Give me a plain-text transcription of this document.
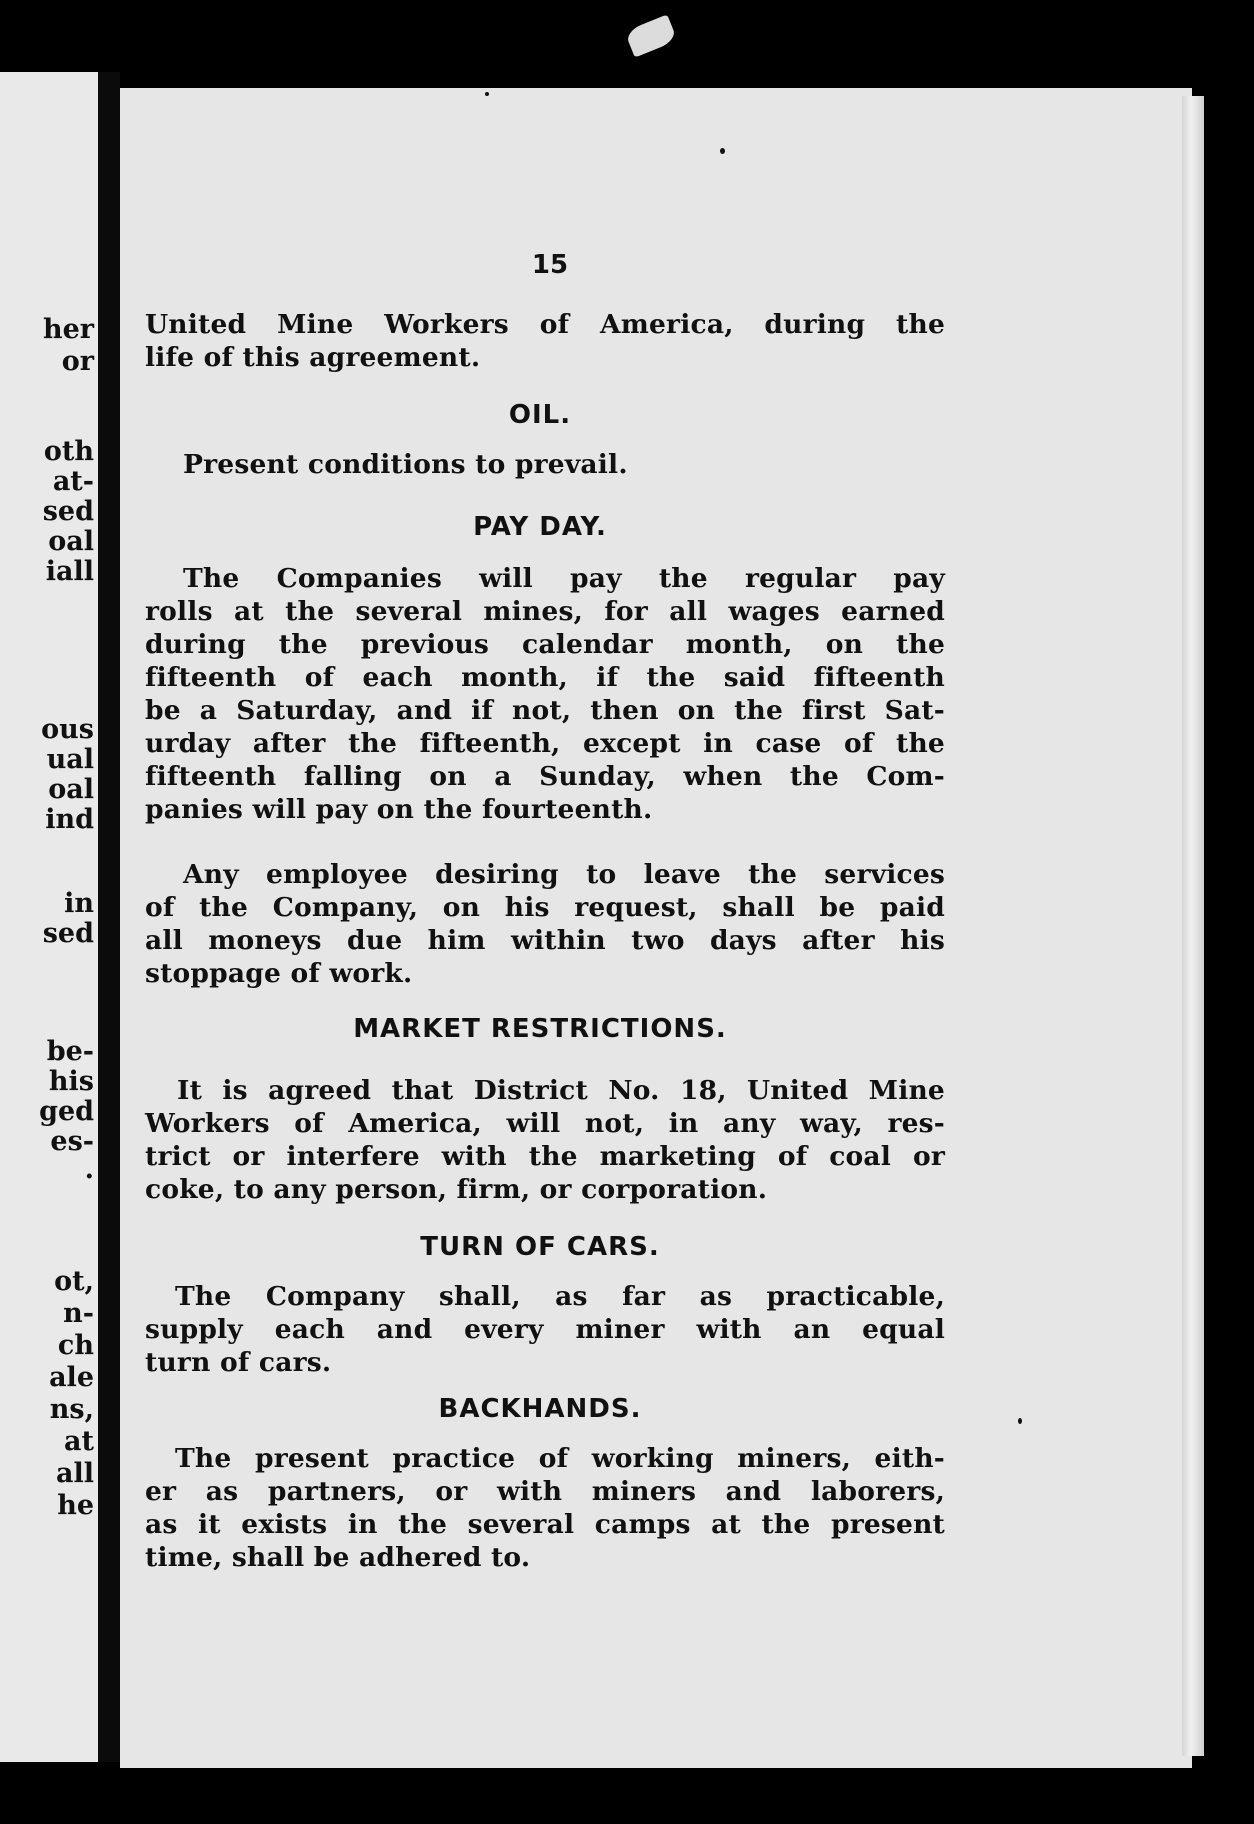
her
or
oth
at-
sed
oal
iall
ous
ual
oal
ind
in
sed
be-
his
ged
es-
.
ot,
n-
ch
ale
ns,
at
all
he
15
United Mine Workers of America, during the
life of this agreement.
OIL.
Present conditions to prevail.
PAY DAY.
The Companies will pay the regular pay
rolls at the several mines, for all wages earned
during the previous calendar month, on the
fifteenth of each month, if the said fifteenth
be a Saturday, and if not, then on the first Sat-
urday after the fifteenth, except in case of the
fifteenth falling on a Sunday, when the Com-
panies will pay on the fourteenth.
Any employee desiring to leave the services
of the Company, on his request, shall be paid
all moneys due him within two days after his
stoppage of work.
MARKET RESTRICTIONS.
It is agreed that District No. 18, United Mine
Workers of America, will not, in any way, res-
trict or interfere with the marketing of coal or
coke, to any person, firm, or corporation.
TURN OF CARS.
The Company shall, as far as practicable,
supply each and every miner with an equal
turn of cars.
BACKHANDS.
The present practice of working miners, eith-
er as partners, or with miners and laborers,
as it exists in the several camps at the present
time, shall be adhered to.
